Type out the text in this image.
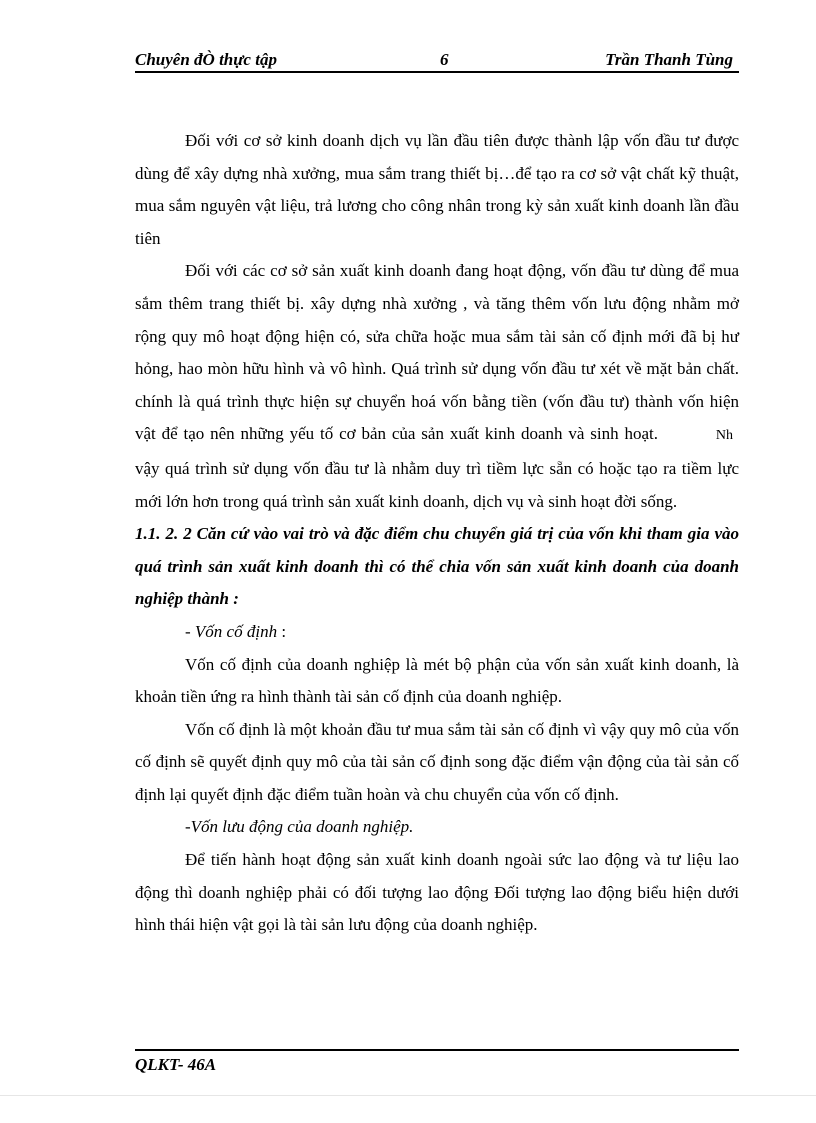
Chuyên đÒ thực tập	6	Trần Thanh Tùng

Đối với cơ sở kinh doanh dịch vụ lần đầu tiên được thành lập vốn đầu tư được dùng để xây dựng nhà xưởng, mua sắm trang thiết bị…để tạo ra cơ sở vật chất kỹ thuật, mua sắm nguyên vật liệu, trả lương cho công nhân trong kỳ sản xuất kinh doanh lần đầu tiên

Đối với các cơ sở sản xuất kinh doanh đang hoạt động, vốn đầu tư dùng để mua sắm thêm trang thiết bị. xây dựng nhà xưởng , và tăng thêm vốn lưu động nhằm mở rộng quy mô hoạt động hiện có, sửa chữa hoặc mua sắm tài sản cố định mới đã bị hư hỏng, hao mòn hữu hình và vô hình. Quá trình sử dụng vốn đầu tư xét về mặt bản chất. chính là quá trình thực hiện sự chuyển hoá vốn bằng tiền (vốn đầu tư) thành vốn hiện vật để tạo nên những yếu tố cơ bản của sản xuất kinh doanh và sinh hoạt.	Nh vậy quá trình sử dụng vốn đầu tư là nhằm duy trì tiềm lực sẵn có hoặc tạo ra tiềm lực mới lớn hơn trong quá trình sản xuất kinh doanh, dịch vụ và sinh hoạt đời sống.

1.1. 2. 2 Căn cứ vào vai trò và đặc điểm chu chuyển giá trị của vốn khi tham gia vào quá trình sản xuất kinh doanh thì có thể chia vốn sản xuất kinh doanh của doanh nghiệp thành :

- Vốn cố định :

Vốn cố định của doanh nghiệp là mét bộ phận của vốn sản xuất kinh doanh, là khoản tiền ứng ra hình thành tài sản cố định của doanh nghiệp.

Vốn cố định là một khoản đầu tư mua sắm tài sản cố định vì vậy quy mô của vốn cố định sẽ quyết định quy mô của tài sản cố định song đặc điểm vận động của tài sản cố định lại quyết định đặc điểm tuần hoàn và chu chuyển của vốn cố định.

-Vốn lưu động của doanh nghiệp.

Để tiến hành hoạt động sản xuất kinh doanh ngoài sức lao động và tư liệu lao động thì doanh nghiệp phải có đối tượng lao động Đối tượng lao động biểu hiện dưới hình thái hiện vật gọi là tài sản lưu động của doanh nghiệp.

QLKT- 46A
